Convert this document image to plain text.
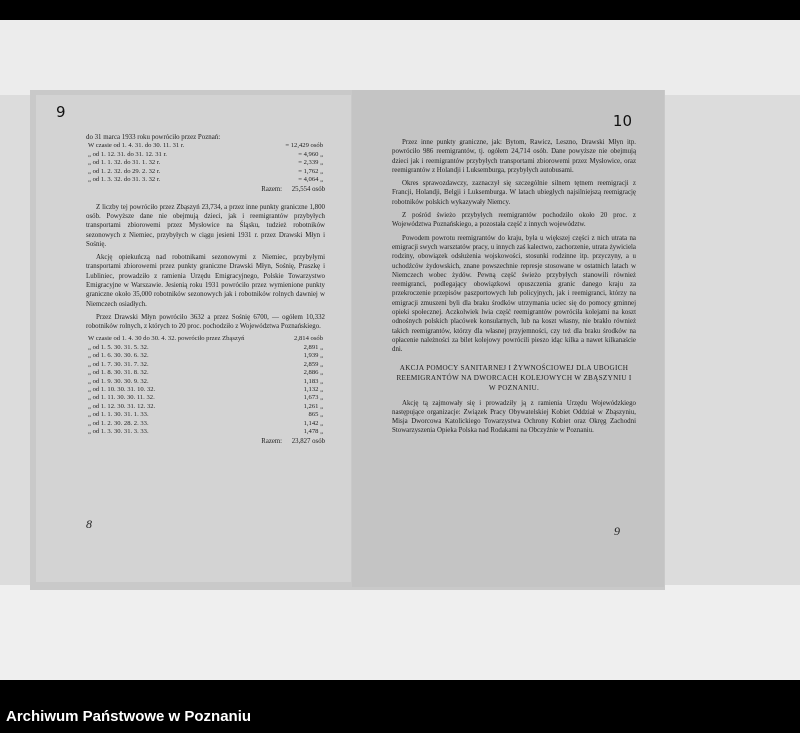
9
do 31 marca 1933 roku powróciło przez Poznań:
W czasie od 1. 4. 31. do 30. 11. 31 r.	= 12,429 osób
„ od 1. 12. 31. do 31. 12. 31 r.	= 4,960 „
„ od 1. 1. 32. do 31. 1. 32 r.	= 2,339 „
„ od 1. 2. 32. do 29. 2. 32 r.	= 1,762 „
„ od 1. 3. 32. do 31. 3. 32 r.	= 4,064 „
Razem: 25,554 osób

Z liczby tej powróciło przez Zbąszyń 23,734, a przez inne punkty graniczne 1,800 osób. Powyższe dane nie obejmują dzieci, jak i reemigrantów przybyłych transportami zbiorowemi przez Mysłowice na Śląsku, tudzież robotników sezonowych z Niemiec, przybyłych w ciągu jesieni 1931 r. przez Drawski Młyn i Sośnię.

Akcję opiekuńczą nad robotnikami sezonowymi z Niemiec, przybyłymi transportami zbiorowemi przez punkty graniczne Drawski Młyn, Sośnię, Praszkę i Lubliniec, prowadziło z ramienia Urzędu Emigracyjnego, Polskie Towarzystwo Emigracyjne w Warszawie. Jesienią roku 1931 powróciło przez wymienione punkty graniczne około 35,000 robotników sezonowych jak i robotników rolnych dawniej w Niemczech osiadłych.

Przez Drawski Młyn powróciło 3632 a przez Sośnię 6700, — ogółem 10,332 robotników rolnych, z których to 20 proc. pochodziło z Województwa Poznańskiego.

W czasie od 1. 4. 30 do 30. 4. 32. powróciło przez Zbąszyń	2,814 osób
„ od 1. 5. 30. 31. 5. 32.	2,891 „
„ od 1. 6. 30. 30. 6. 32.	1,939 „
„ od 1. 7. 30. 31. 7. 32.	2,859 „
„ od 1. 8. 30. 31. 8. 32.	2,886 „
„ od 1. 9. 30. 30. 9. 32.	1,183 „
„ od 1. 10. 30. 31. 10. 32.	1,132 „
„ od 1. 11. 30. 30. 11. 32.	1,673 „
„ od 1. 12. 30. 31. 12. 32.	1,261 „
„ od 1. 1. 30. 31. 1. 33.	865 „
„ od 1. 2. 30. 28. 2. 33.	1,142 „
„ od 1. 3. 30. 31. 3. 33.	1,478 „
Razem: 23,827 osób
8
10

Przez inne punkty graniczne, jak: Bytom, Rawicz, Leszno, Drawski Młyn itp. powróciło 986 reemigrantów, tj. ogółem 24,714 osób. Dane powyższe nie obejmują dzieci jak i reemigrantów przybyłych transportami zbiorowemi przez Mysłowice, oraz reemigrantów z Holandji i Luksemburga, przybyłych autobusami.

Okres sprawozdawczy, zaznaczył się szczególnie silnem tętnem reemigracji z Francji, Holandji, Belgji i Luksemburga. W latach ubiegłych najsilniejszą reemigrację robotników polskich wykazywały Niemcy.

Z pośród świeżo przybyłych reemigrantów pochodziło około 20 proc. z Województwa Poznańskiego, a pozostała część z innych województw.

Powodem powrotu reemigrantów do kraju, była u większej części z nich utrata na emigracji swych warsztatów pracy, u innych zaś kalectwo, zachorzenie, utrata żywiciela rodziny, obowiązek odsłużenia wojskowości, stosunki rodzinne itp. przyczyny, a u uchodźców żydowskich, znane powszechnie represje stosowane w ostatnich latach w Niemczech wobec żydów. Pewną część świeżo przybyłych stanowili również reemigranci, podlegający obowiązkowi opuszczenia granic danego kraju za przekroczenie przepisów paszportowych lub policyjnych, jak i reemigranci, którzy na emigracji zmuszeni byli dla braku środków utrzymania uciec się do pomocy gminnej opieki społecznej. Aczkolwiek lwia część reemigrantów powróciła kolejami na koszt odnośnych polskich placówek konsularnych, lub na koszt własny, nie brakło również takich reemigrantów, którzy dla własnej przyjemności, czy też dla braku środków na opłacenie należności za bilet kolejowy powrócili pieszo idąc kilka a nawet kilkanaście dni.

AKCJA POMOCY SANITARNEJ I ŻYWNOŚCIOWEJ DLA UBOGICH REEMIGRANTÓW NA DWORCACH KOLEJOWYCH W ZBĄSZYNIU I W POZNANIU.

Akcję tą zajmowały się i prowadziły ją z ramienia Urzędu Wojewódzkiego następujące organizacje: Związek Pracy Obywatelskiej Kobiet Oddział w Zbąszyniu, Misja Dworcowa Katolickiego Towarzystwa Ochrony Kobiet oraz Okręg Zachodni Stowarzyszenia Opieka Polska nad Rodakami na Obczyźnie w Poznaniu.

9
Archiwum Państwowe w Poznaniu
